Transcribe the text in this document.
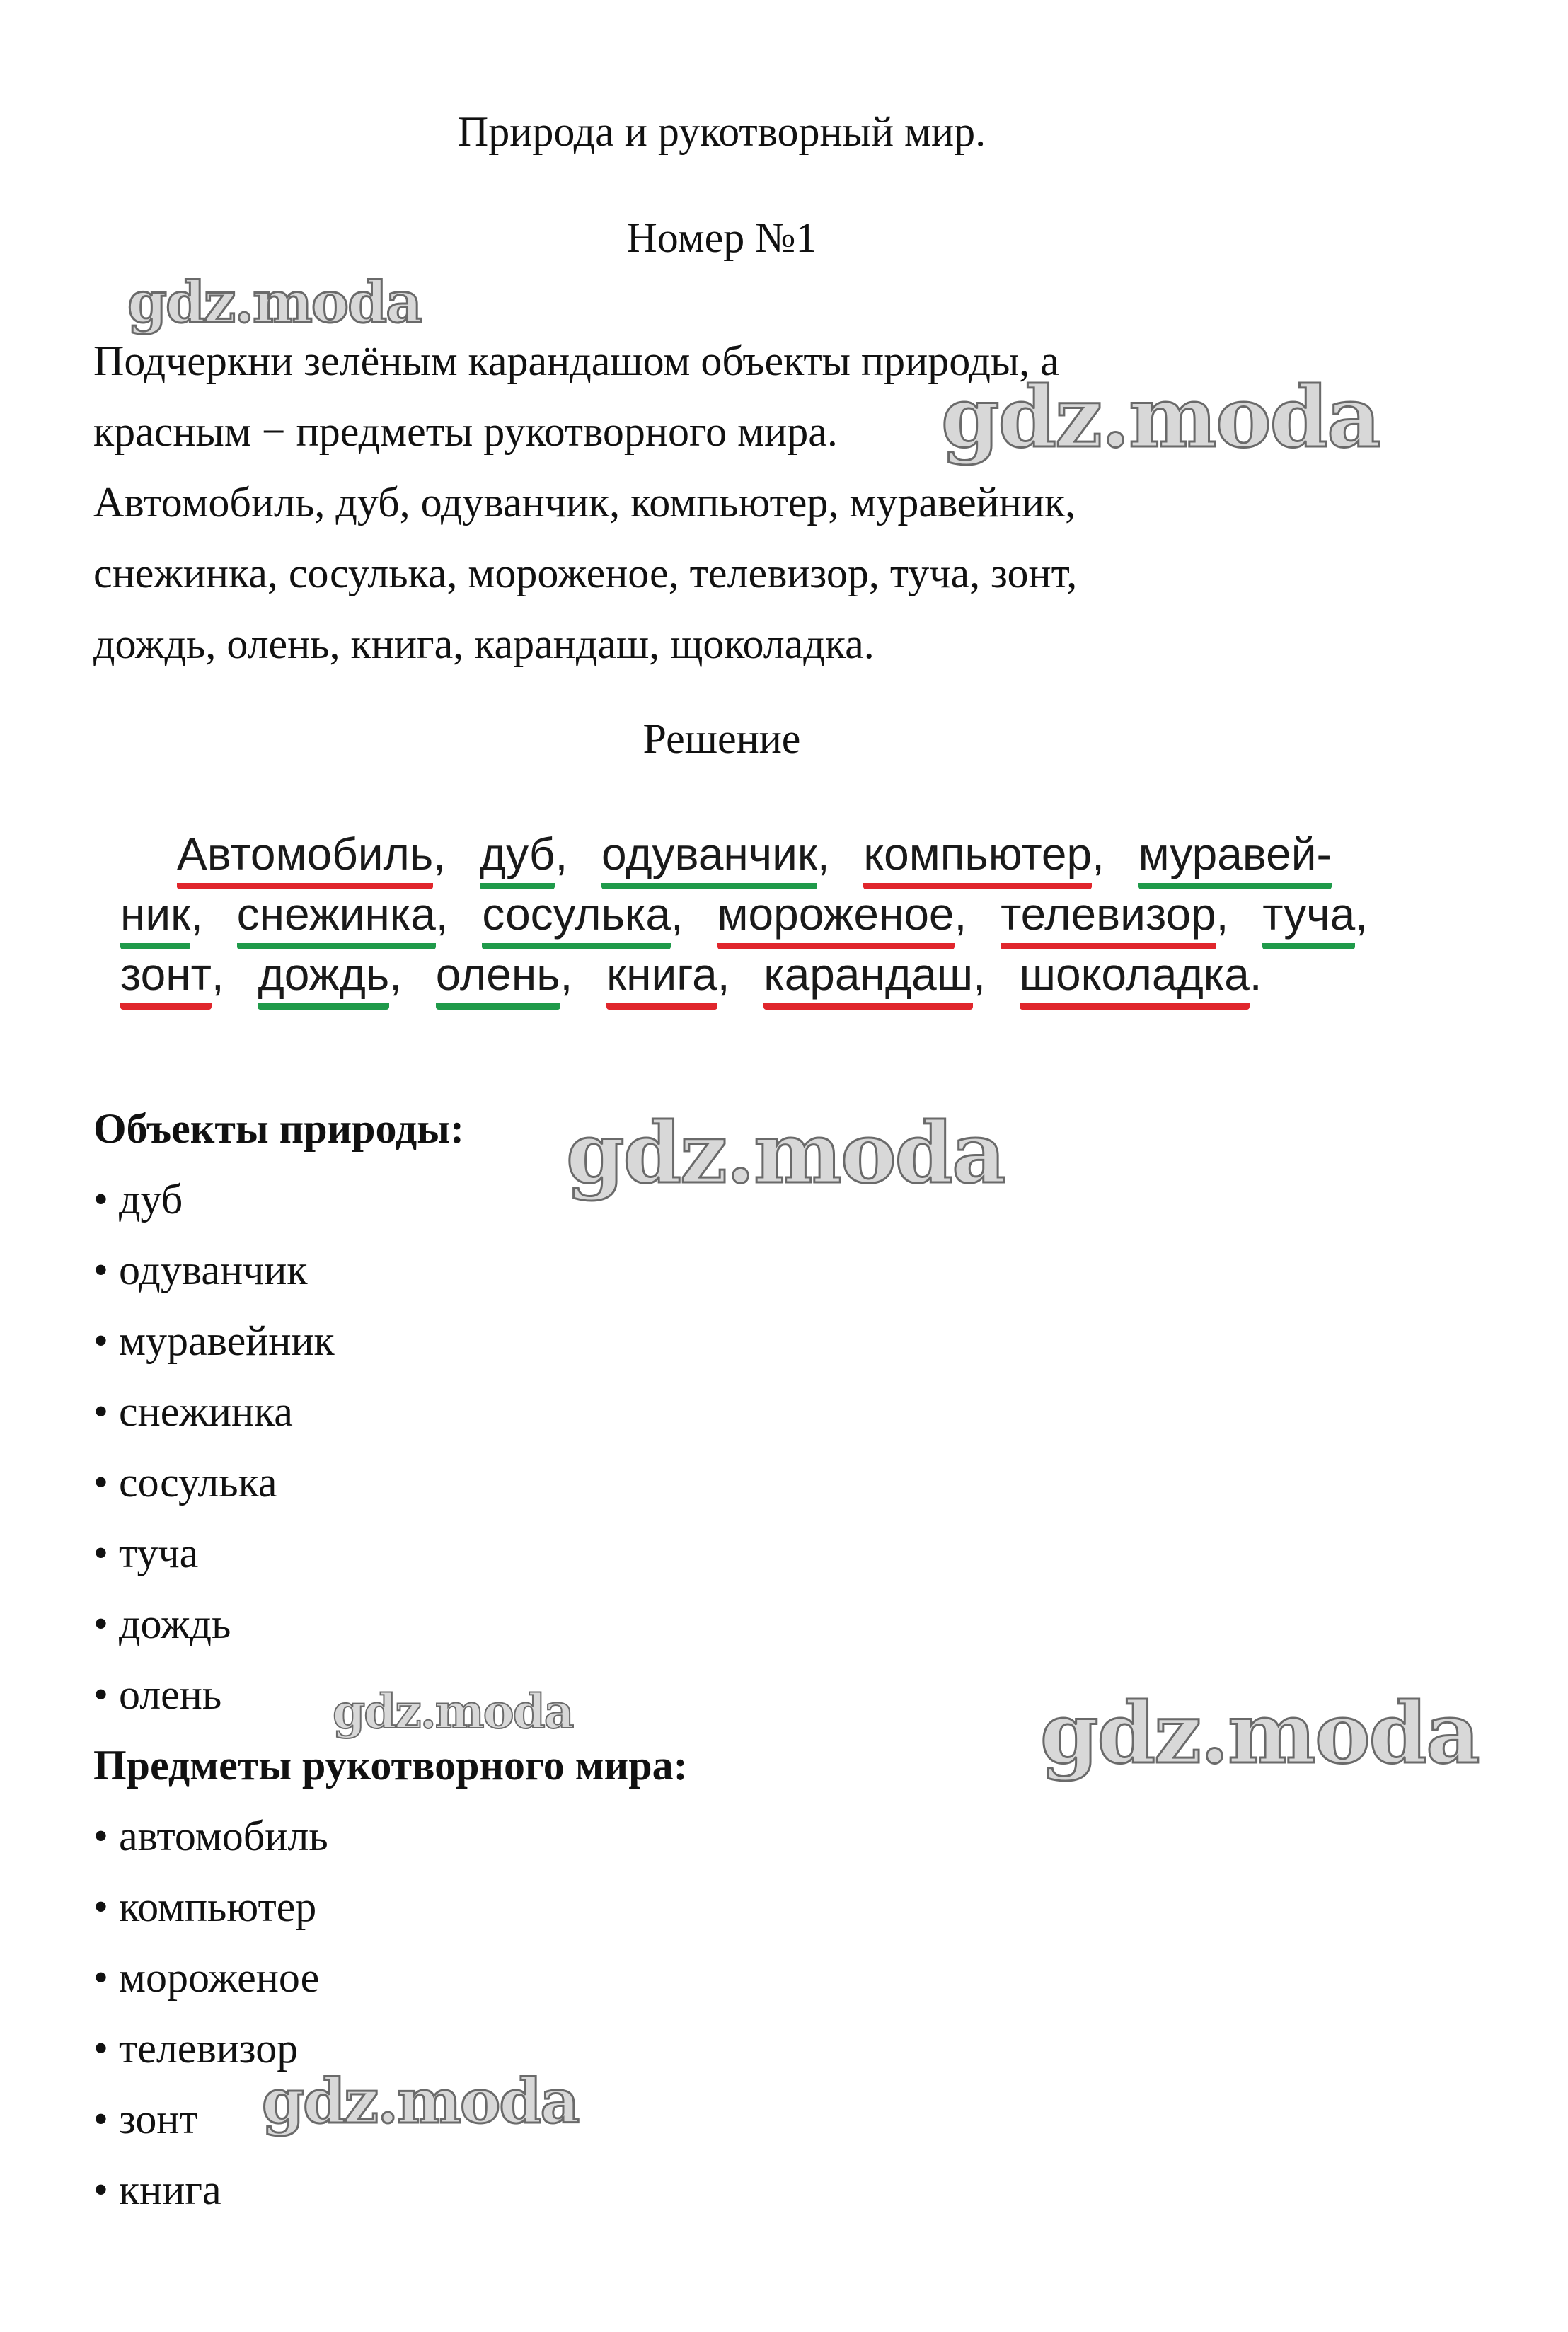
Природа и рукотворный мир.
Номер №1
Подчеркни зелёным карандашом объекты природы, а
красным − предметы рукотворного мира.
Автомобиль, дуб, одуванчик, компьютер, муравейник,
снежинка, сосулька, мороженое, телевизор, туча, зонт,
дождь, олень, книга, карандаш, щоколадка.
Решение
Автомобиль, дуб, одуванчик, компьютер, муравей-
ник, снежинка, сосулька, мороженое, телевизор, туча,
зонт, дождь, олень, книга, карандаш, шоколадка.
Объекты природы:
• дуб
• одуванчик
• муравейник
• снежинка
• сосулька
• туча
• дождь
• олень
Предметы рукотворного мира:
• автомобиль
• компьютер
• мороженое
• телевизор
• зонт
• книга
gdz.moda
gdz.moda
gdz.moda
gdz.moda	gdz.moda
gdz.moda
